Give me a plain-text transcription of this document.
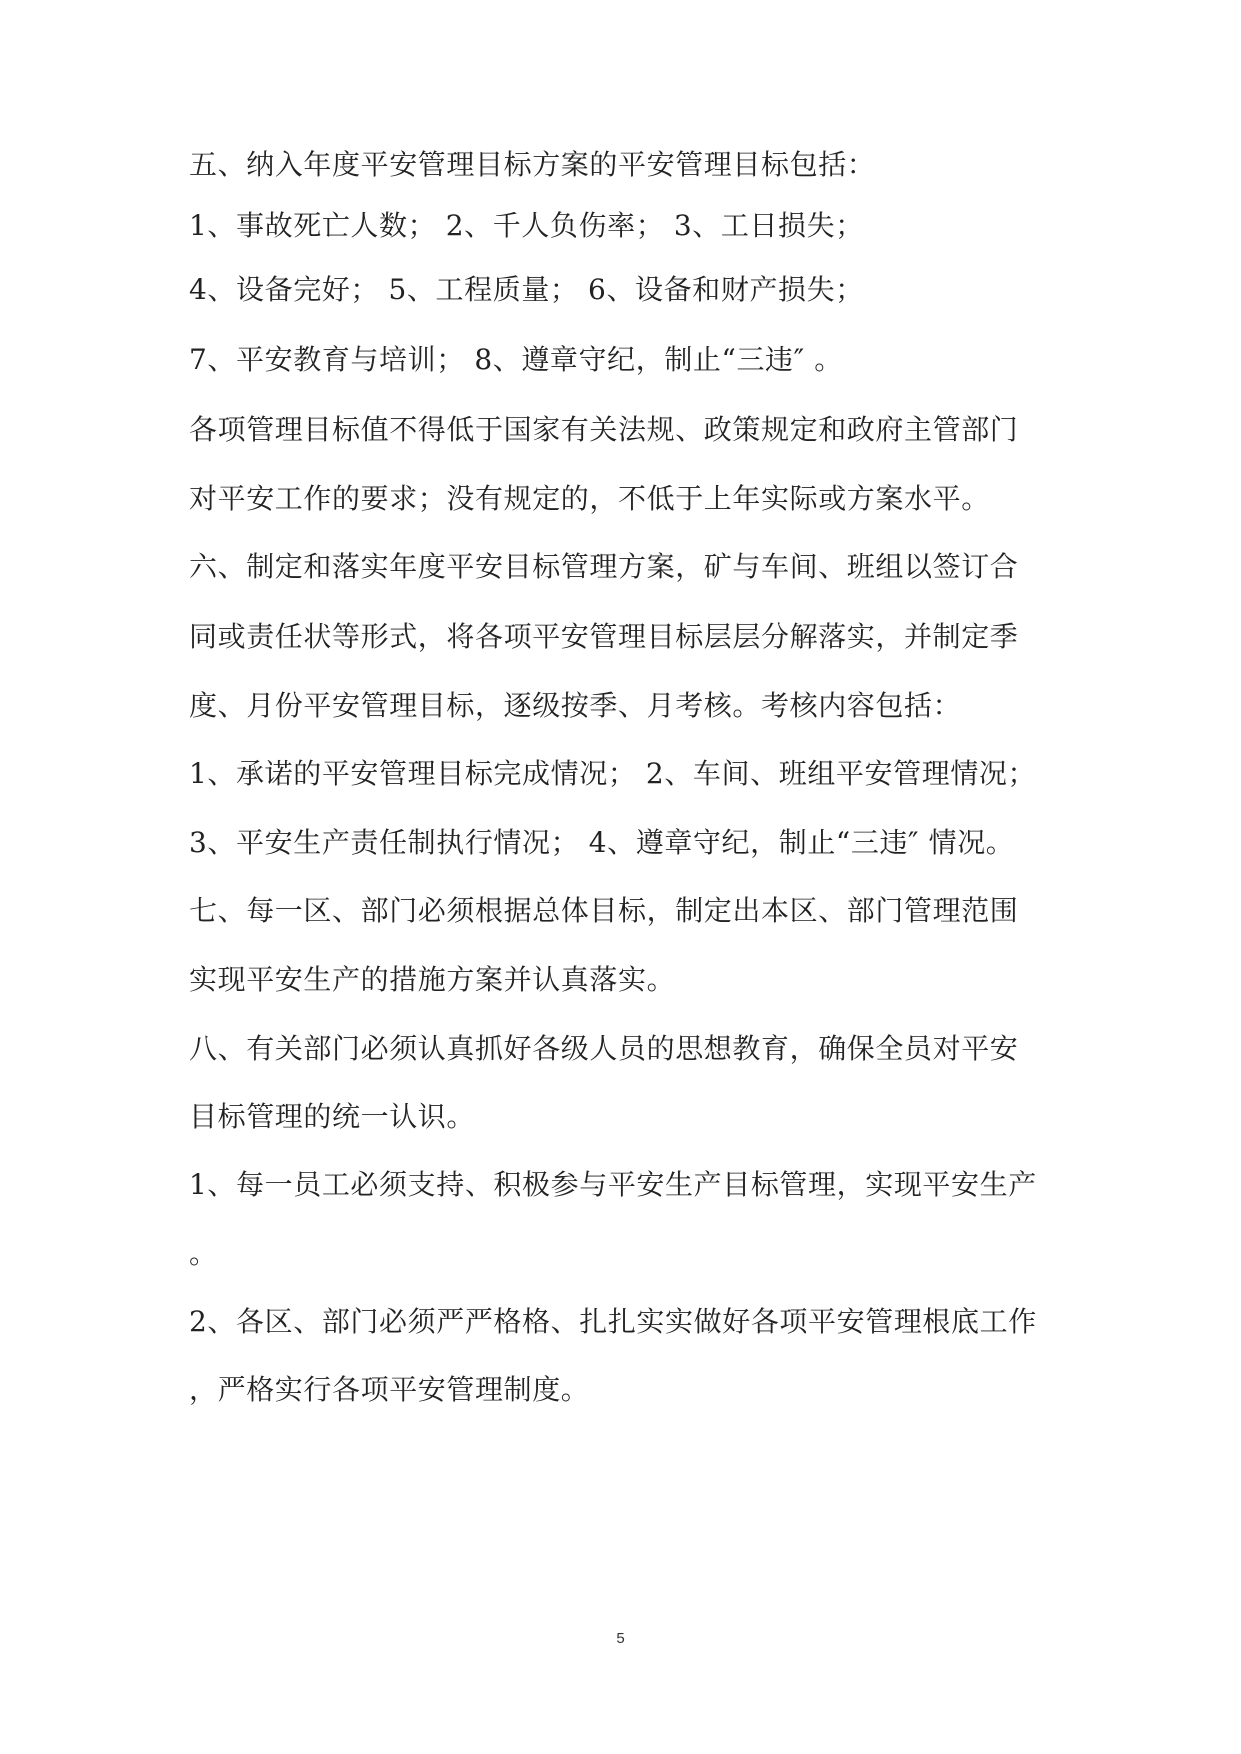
五、纳入年度平安管理目标方案的平安管理目标包括：
1、事故死亡人数； 2、千人负伤率； 3、工日损失；
4、设备完好； 5、工程质量； 6、设备和财产损失；
7、平安教育与培训； 8、遵章守纪，制止“三违″ 。
各项管理目标值不得低于国家有关法规、政策规定和政府主管部门
对平安工作的要求；没有规定的，不低于上年实际或方案水平。
六、制定和落实年度平安目标管理方案，矿与车间、班组以签订合
同或责任状等形式，将各项平安管理目标层层分解落实，并制定季
度、月份平安管理目标，逐级按季、月考核。考核内容包括：
1、承诺的平安管理目标完成情况； 2、车间、班组平安管理情况；
3、平安生产责任制执行情况； 4、遵章守纪，制止“三违″ 情况。
七、每一区、部门必须根据总体目标，制定出本区、部门管理范围
实现平安生产的措施方案并认真落实。
八、有关部门必须认真抓好各级人员的思想教育，确保全员对平安
目标管理的统一认识。
1、每一员工必须支持、积极参与平安生产目标管理，实现平安生产
。
2、各区、部门必须严严格格、扎扎实实做好各项平安管理根底工作
，严格实行各项平安管理制度。
5
